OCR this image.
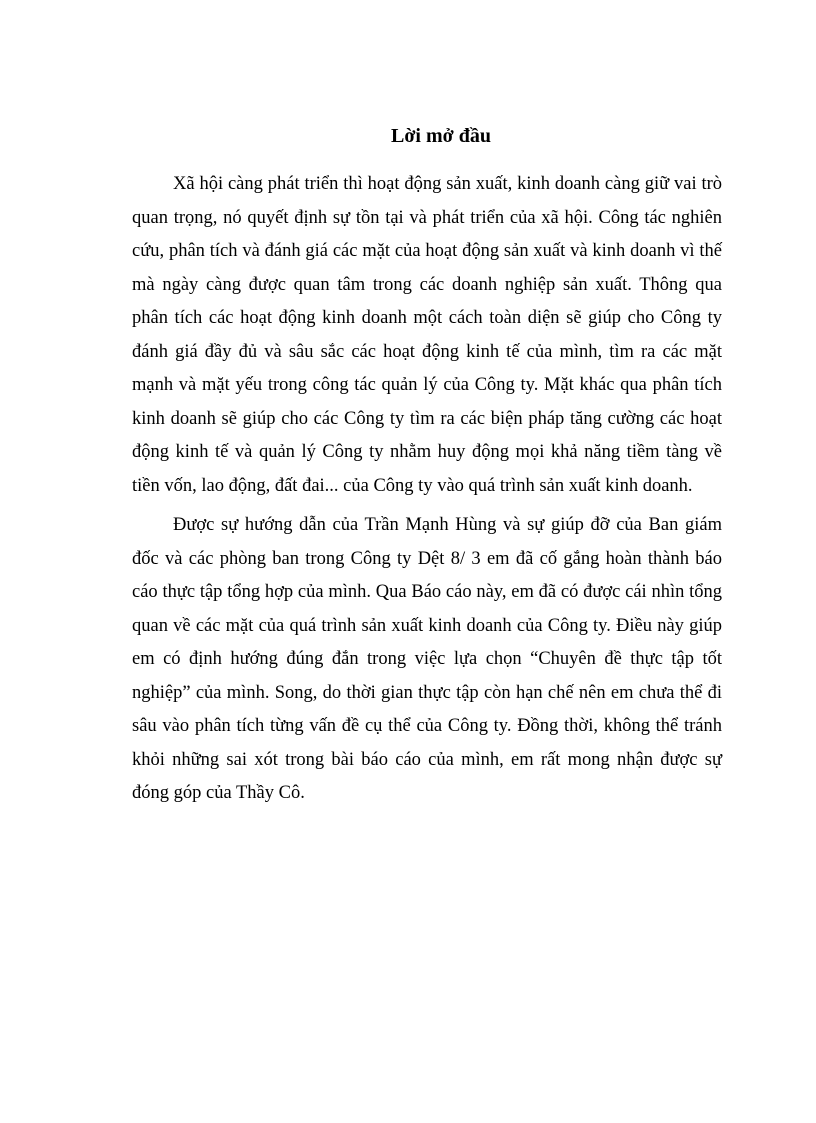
Lời mở đầu

Xã hội càng phát triển thì hoạt động sản xuất, kinh doanh càng giữ vai trò quan trọng, nó quyết định sự tồn tại và phát triển của xã hội. Công tác nghiên cứu, phân tích và đánh giá các mặt của hoạt động sản xuất và kinh doanh vì thế mà ngày càng được quan tâm trong các doanh nghiệp sản xuất. Thông qua phân tích các hoạt động kinh doanh một cách toàn diện sẽ giúp cho Công ty đánh giá đầy đủ và sâu sắc các hoạt động kinh tế của mình, tìm ra các mặt mạnh và mặt yếu trong công tác quản lý của Công ty. Mặt khác qua phân tích kinh doanh sẽ giúp cho các Công ty tìm ra các biện pháp tăng cường các hoạt động kinh tế và quản lý Công ty nhằm huy động mọi khả năng tiềm tàng về tiền vốn, lao động, đất đai... của Công ty vào quá trình sản xuất kinh doanh.

Được sự hướng dẫn của Trần Mạnh Hùng và sự giúp đỡ của Ban giám đốc và các phòng ban trong Công ty Dệt 8/ 3 em đã cố gắng hoàn thành báo cáo thực tập tổng hợp của mình. Qua Báo cáo này, em đã có được cái nhìn tổng quan về các mặt của quá trình sản xuất kinh doanh của Công ty. Điều này giúp em có định hướng đúng đắn trong việc lựa chọn “Chuyên đề thực tập tốt nghiệp” của mình. Song, do thời gian thực tập còn hạn chế nên em chưa thể đi sâu vào phân tích từng vấn đề cụ thể của Công ty. Đồng thời, không thể tránh khỏi những sai xót trong bài báo cáo của mình, em rất mong nhận được sự đóng góp của Thầy Cô.
